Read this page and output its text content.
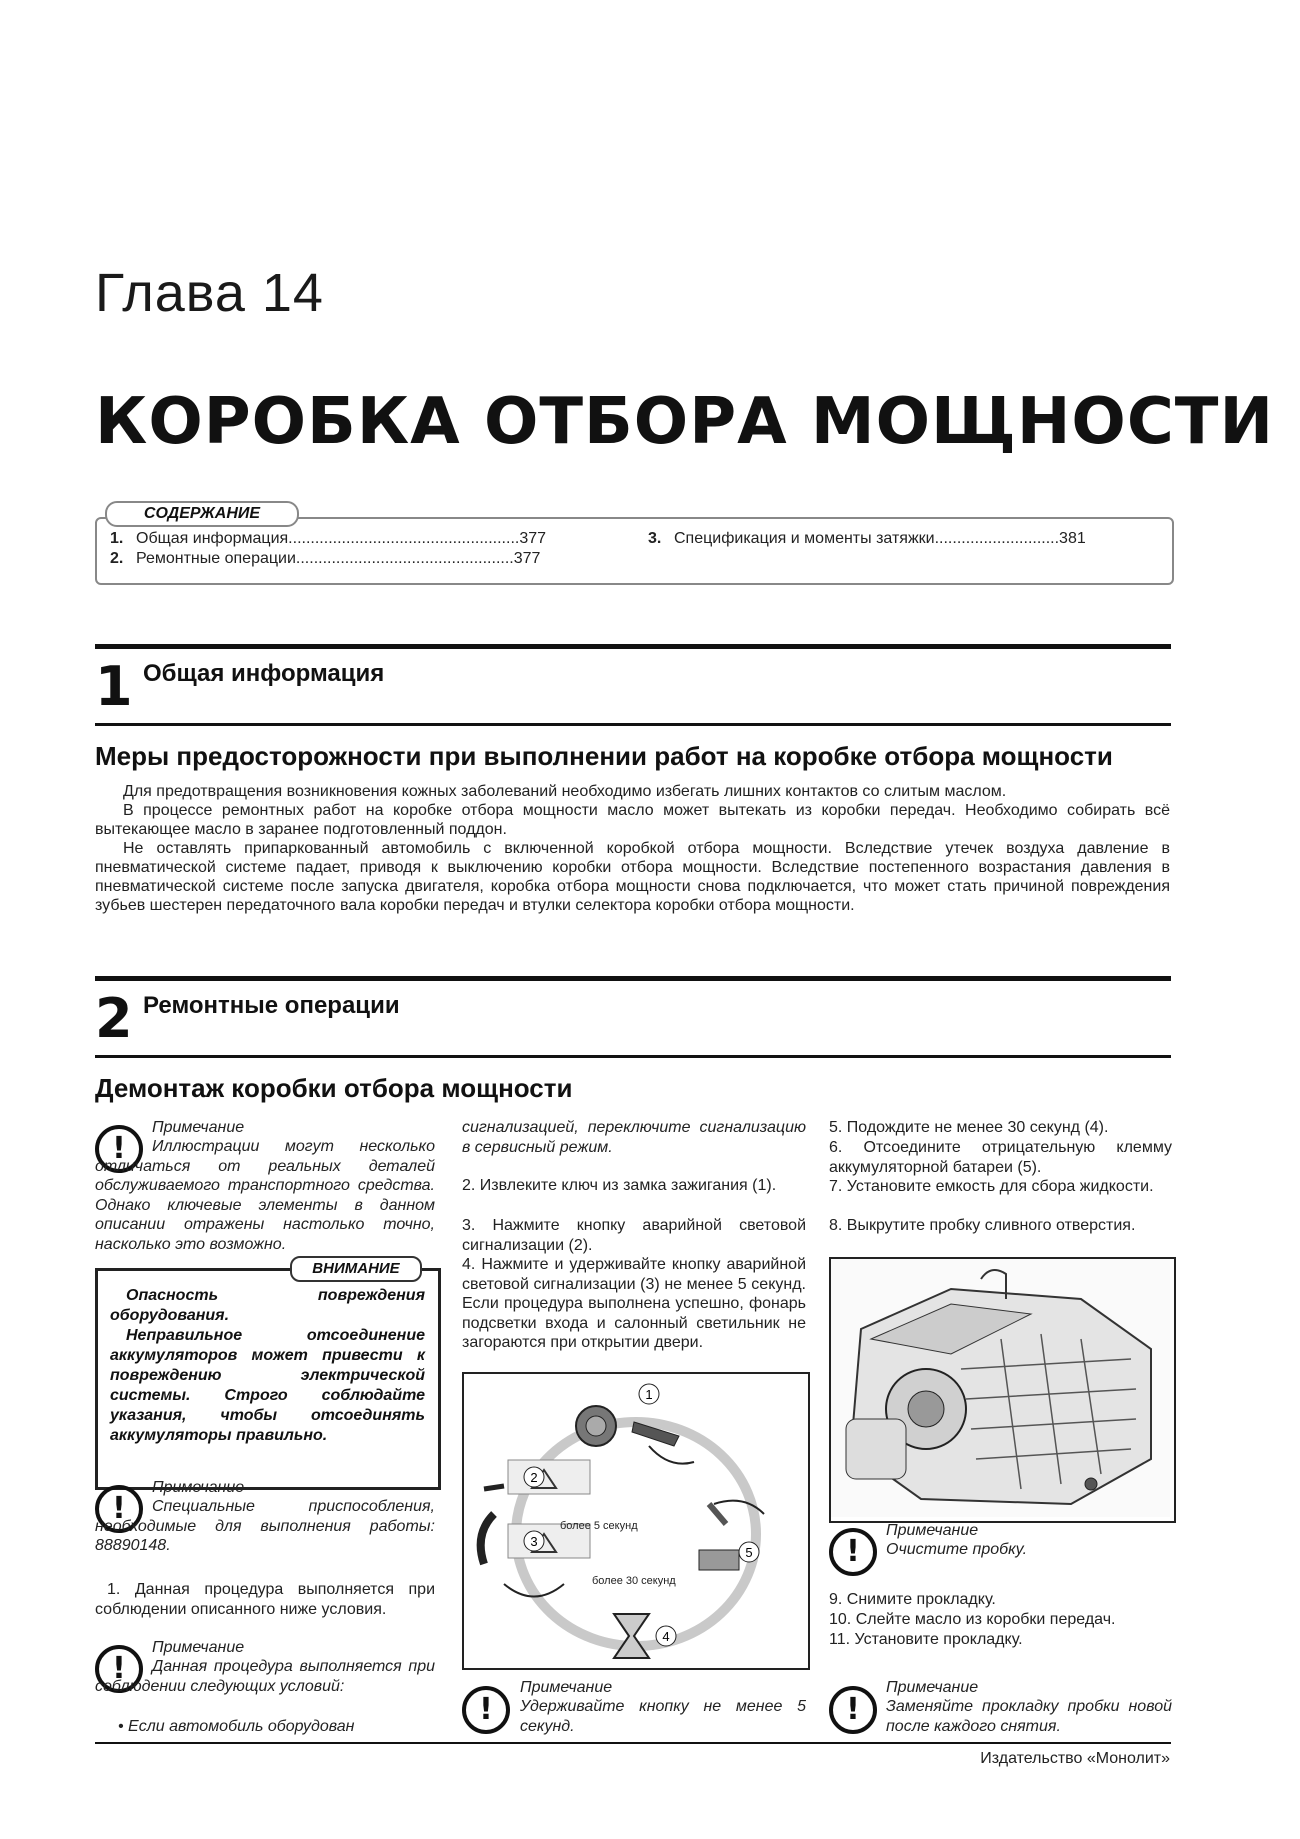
Глава 14
КОРОБКА ОТБОРА МОЩНОСТИ
СОДЕРЖАНИЕ
1. Общая информация....................................................377
2. Ремонтные операции.................................................377
3. Спецификация и моменты затяжки............................381
1 Общая информация
Меры предосторожности при выполнении работ на коробке отбора мощности

Для предотвращения возникновения кожных заболеваний необходимо избегать лишних контактов со слитым маслом.

В процессе ремонтных работ на коробке отбора мощности масло может вытекать из коробки передач. Необходимо собирать всё вытекающее масло в заранее подготовленный поддон.

Не оставлять припаркованный автомобиль с включенной коробкой отбора мощности. Вследствие утечек воздуха давление в пневматической системе падает, приводя к выключению коробки отбора мощности. Вследствие постепенного возрастания давления в пневматической системе после запуска двигателя, коробка отбора мощности снова подключается, что может стать причиной повреждения зубьев шестерен передаточного вала коробки передач и втулки селектора коробки отбора мощности.

2 Ремонтные операции
Демонтаж коробки отбора мощности
!
Примечание
Иллюстрации могут несколько отличаться от реальных деталей обслуживаемого транспортного средства. Однако ключевые элементы в данном описании отражены настолько точно, насколько это возможно.
ВНИМАНИЕ

Опасность повреждения оборудования.

Неправильное отсоединение аккумуляторов может привести к повреждению электрической системы. Строго соблюдайте указания, чтобы отсоединять аккумуляторы правильно.

!
Примечание
Специальные приспособления, необходимые для выполнения работы: 88890148.
1. Данная процедура выполняется при соблюдении описанного ниже условия.
!
Примечание
Данная процедура выполняется при соблюдении следующих условий:
• Если автомобиль оборудован
сигнализацией, переключите сигнализацию в сервисный режим.
2. Извлеките ключ из замка зажигания (1).
3. Нажмите кнопку аварийной световой сигнализации (2).
4. Нажмите и удерживайте кнопку аварийной световой сигнализации (3) не менее 5 секунд. Если процедура выполнена успешно, фонарь подсветки входа и салонный светильник не загораются при открытии двери.
1
2
3
4
5
более 5 секунд
более 30 секунд
!
Примечание
Удерживайте кнопку не менее 5 секунд.
5. Подождите не менее 30 секунд (4).
6. Отсоедините отрицательную клемму аккумуляторной батареи (5).
7. Установите емкость для сбора жидкости.
8. Выкрутите пробку сливного отверстия.
!
Примечание
Очистите пробку.
9. Снимите прокладку.
10. Слейте масло из коробки передач.
11. Установите прокладку.
!
Примечание
Заменяйте прокладку пробки новой после каждого снятия.
Издательство «Монолит»
